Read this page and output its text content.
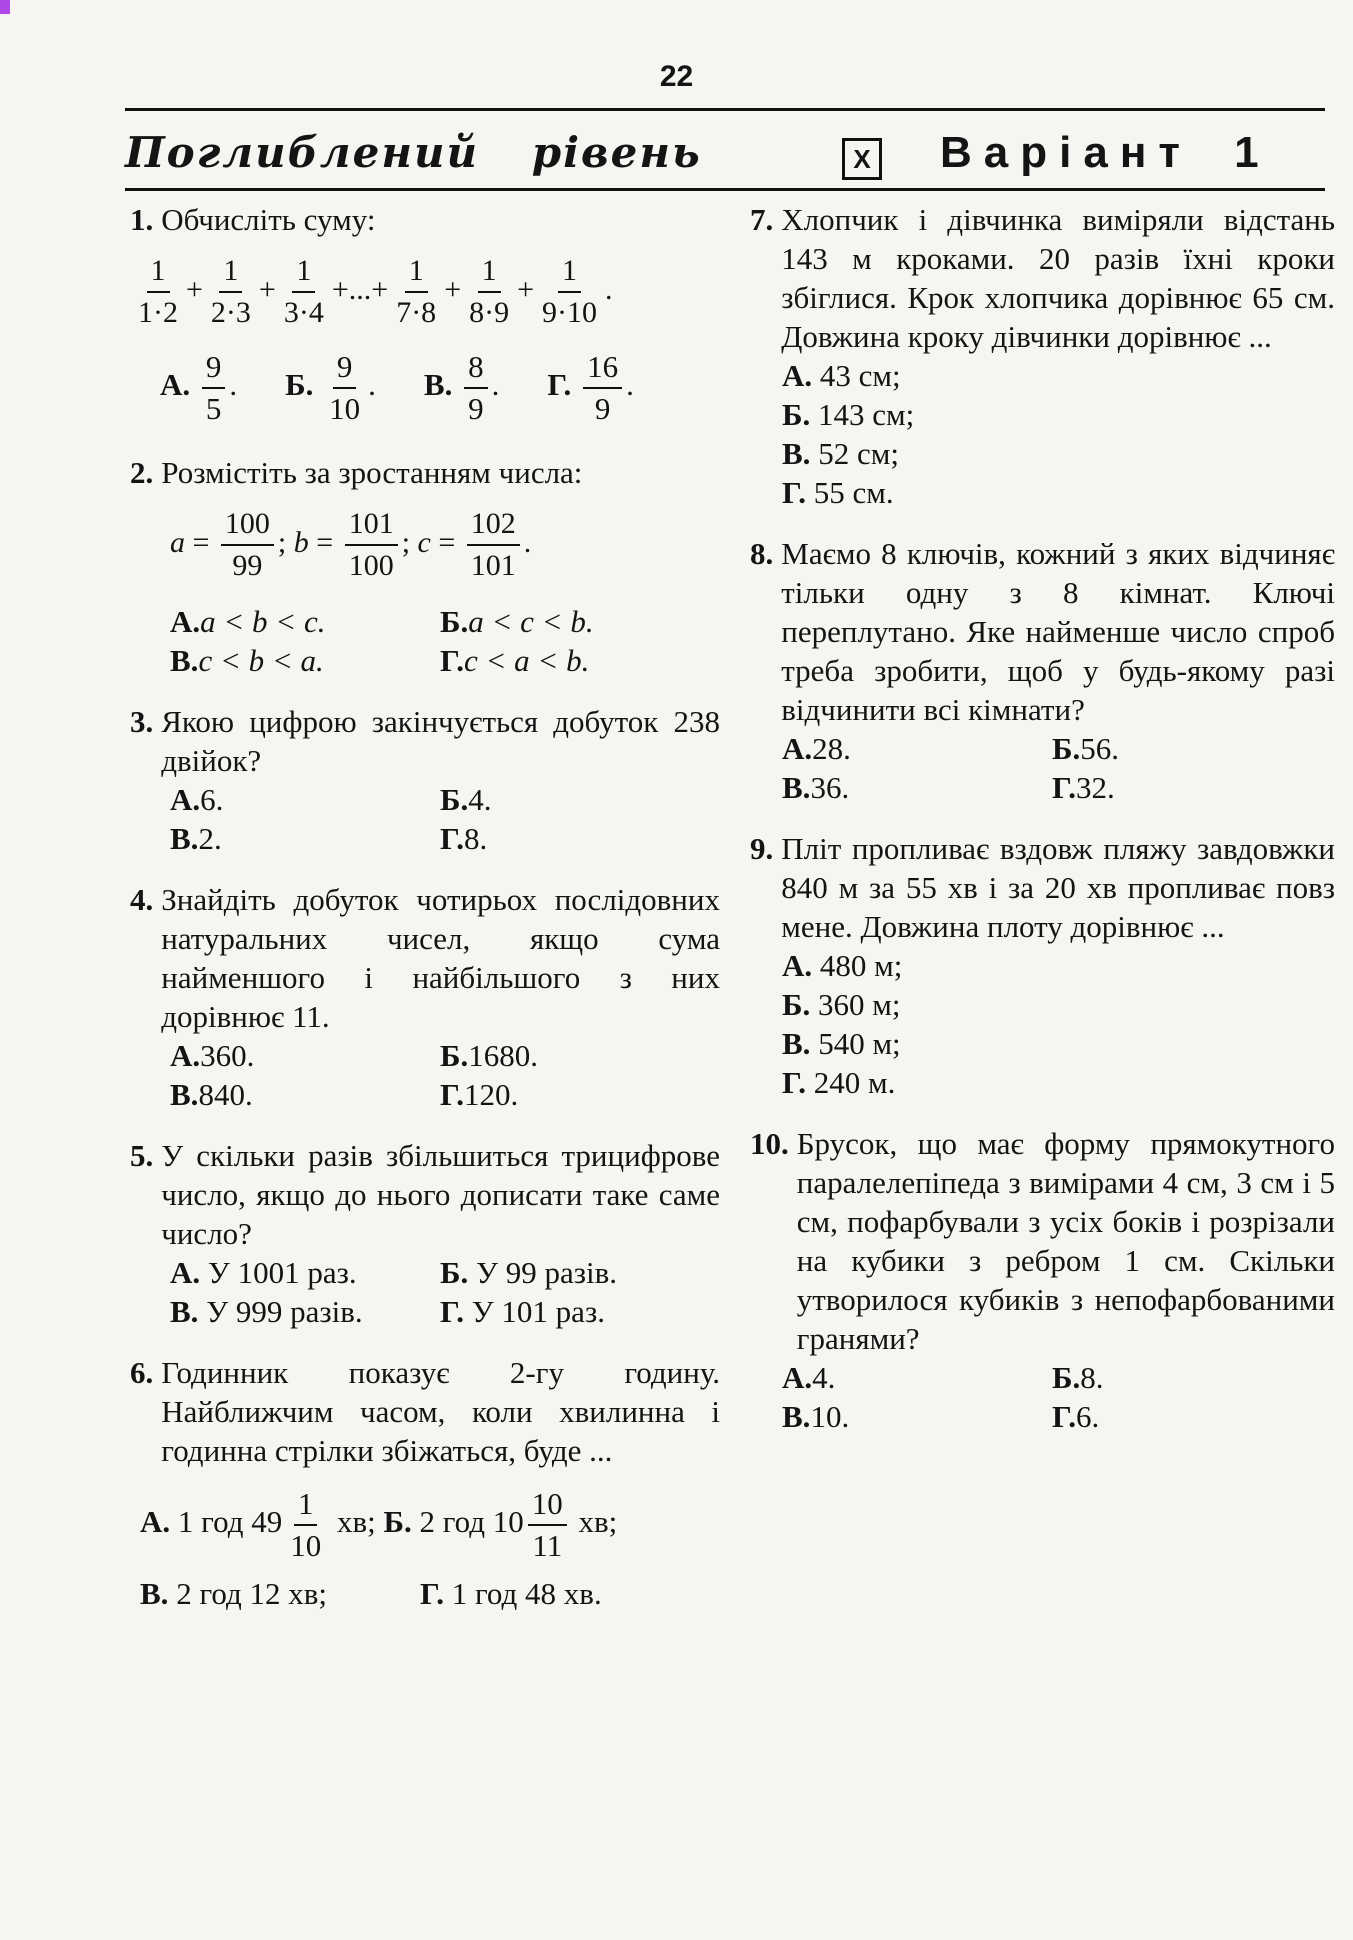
22
Поглиблений рівень	X Варіант 1
1. Обчисліть суму:
$\frac{1}{1\cdot 2} + \frac{1}{2\cdot 3} + \frac{1}{3\cdot 4}$ +...+ $\frac{1}{7\cdot 8} + \frac{1}{8\cdot 9} + \frac{1}{9\cdot 10}$ .
А. $\frac{9}{5}$ . Б. $\frac{9}{10}$ . В. $\frac{8}{9}$ . Г. $\frac{16}{9}$ .
2. Розмістіть за зростанням числа:
$a = \frac{100}{99}$ ; $b = \frac{101}{100}$ ; $c = \frac{102}{101}$ .
А.a < b < c.	Б.a < c < b.
В.c < b < a.	Г.c < a < b.
3. Якою цифрою закінчується добуток 238 двійок?
А.6.	Б.4.
В.2.	Г.8.
4. Знайдіть добуток чотирьох послідовних натуральних чисел, якщо сума найменшого і найбільшого з них дорівнює 11.
А.360.	Б.1680.
В.840.	Г.120.
5. У скільки разів збільшиться трицифрове число, якщо до нього дописати таке саме число?
А. У 1001 раз.	Б. У 99 разів.
В. У 999 разів.	Г. У 101 раз.
6. Годинник показує 2-гу годину. Найближчим часом, коли хвилинна і годинна стрілки збіжаться, буде ...
А. 1 год $49 \frac{1}{10}$ хв; Б. 2 год $10 \frac{10}{11}$ хв;
В. 2 год 12 хв;	Г. 1 год 48 хв.
7. Хлопчик і дівчинка виміряли відстань 143 м кроками. 20 разів їхні кроки збіглися. Крок хлопчика дорівнює 65 см. Довжина кроку дівчинки дорівнює ...
А. 43 см;
Б. 143 см;
В. 52 см;
Г. 55 см.
8. Маємо 8 ключів, кожний з яких відчиняє тільки одну з 8 кімнат. Ключі переплутано. Яке найменше число спроб треба зробити, щоб у будь-якому разі відчинити всі кімнати?
А.28.	Б.56.
В.36.	Г.32.
9. Пліт пропливає вздовж пляжу завдовжки 840 м за 55 хв і за 20 хв пропливає повз мене. Довжина плоту дорівнює ...
А. 480 м;
Б. 360 м;
В. 540 м;
Г. 240 м.
10. Брусок, що має форму прямокутного паралелепіпеда з вимірами 4 см, 3 см і 5 см, пофарбували з усіх боків і розрізали на кубики з ребром 1 см. Скільки утворилося кубиків з непофарбованими гранями?
А.4.	Б.8.
В.10.	Г.6.
